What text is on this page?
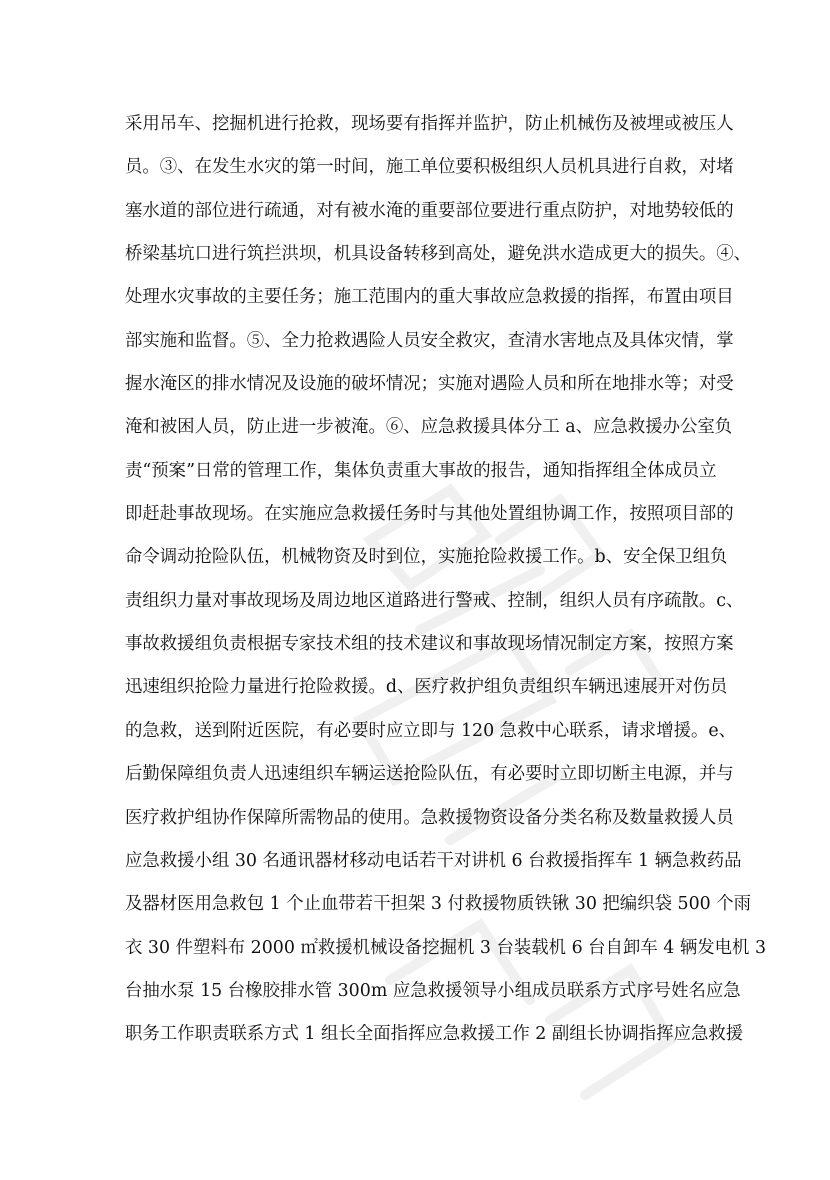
采用吊车、挖掘机进行抢救，现场要有指挥并监护，防止机械伤及被埋或被压人
员。③、在发生水灾的第一时间，施工单位要积极组织人员机具进行自救，对堵
塞水道的部位进行疏通，对有被水淹的重要部位要进行重点防护，对地势较低的
桥梁基坑口进行筑拦洪坝，机具设备转移到高处，避免洪水造成更大的损失。④、
处理水灾事故的主要任务；施工范围内的重大事故应急救援的指挥，布置由项目
部实施和监督。⑤、全力抢救遇险人员安全救灾，查清水害地点及具体灾情，掌
握水淹区的排水情况及设施的破坏情况；实施对遇险人员和所在地排水等；对受
淹和被困人员，防止进一步被淹。⑥、应急救援具体分工 a、应急救援办公室负
责“预案”日常的管理工作，集体负责重大事故的报告，通知指挥组全体成员立
即赶赴事故现场。在实施应急救援任务时与其他处置组协调工作，按照项目部的
命令调动抢险队伍，机械物资及时到位，实施抢险救援工作。b、安全保卫组负
责组织力量对事故现场及周边地区道路进行警戒、控制，组织人员有序疏散。c、
事故救援组负责根据专家技术组的技术建议和事故现场情况制定方案，按照方案
迅速组织抢险力量进行抢险救援。d、医疗救护组负责组织车辆迅速展开对伤员
的急救，送到附近医院，有必要时应立即与 120 急救中心联系，请求增援。e、
后勤保障组负责人迅速组织车辆运送抢险队伍，有必要时立即切断主电源，并与
医疗救护组协作保障所需物品的使用。急救援物资设备分类名称及数量救援人员
应急救援小组 30 名通讯器材移动电话若干对讲机 6 台救援指挥车 1 辆急救药品
及器材医用急救包 1 个止血带若干担架 3 付救援物质铁锹 30 把编织袋 500 个雨
衣 30 件塑料布 2000 ㎡救援机械设备挖掘机 3 台装载机 6 台自卸车 4 辆发电机 3
台抽水泵 15 台橡胶排水管 300m 应急救援领导小组成员联系方式序号姓名应急
职务工作职责联系方式 1 组长全面指挥应急救援工作 2 副组长协调指挥应急救援
